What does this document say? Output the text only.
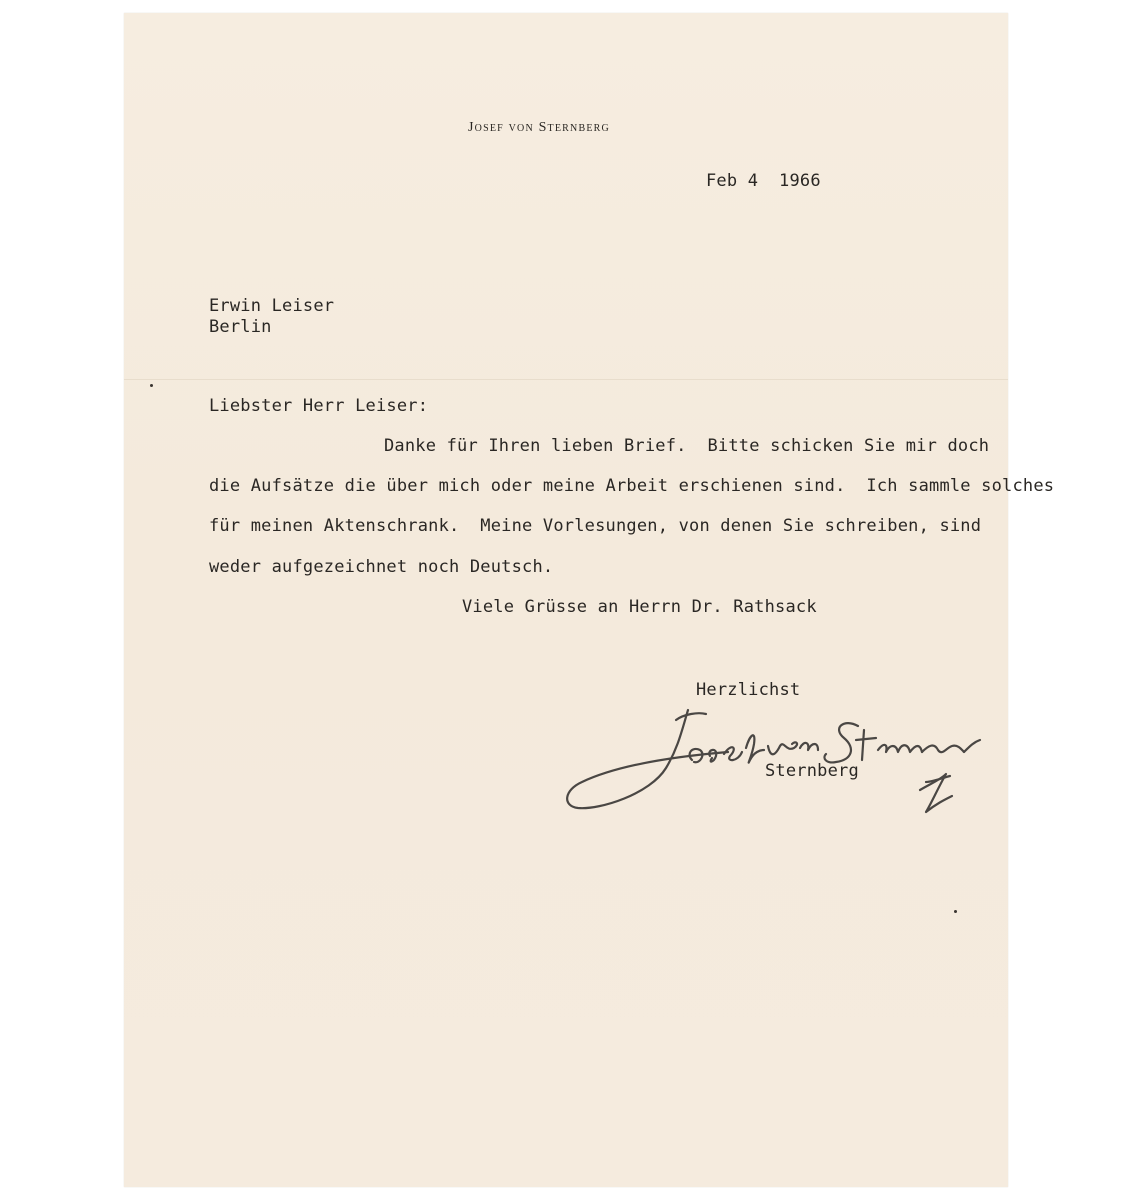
Josef von Sternberg
Feb 4  1966
Erwin Leiser
Berlin
Liebster Herr Leiser:
Danke für Ihren lieben Brief.  Bitte schicken Sie mir doch
die Aufsätze die über mich oder meine Arbeit erschienen sind.  Ich sammle solches
für meinen Aktenschrank.  Meine Vorlesungen, von denen Sie schreiben, sind
weder aufgezeichnet noch Deutsch.
Viele Grüsse an Herrn Dr. Rathsack
Herzlichst
Sternberg
